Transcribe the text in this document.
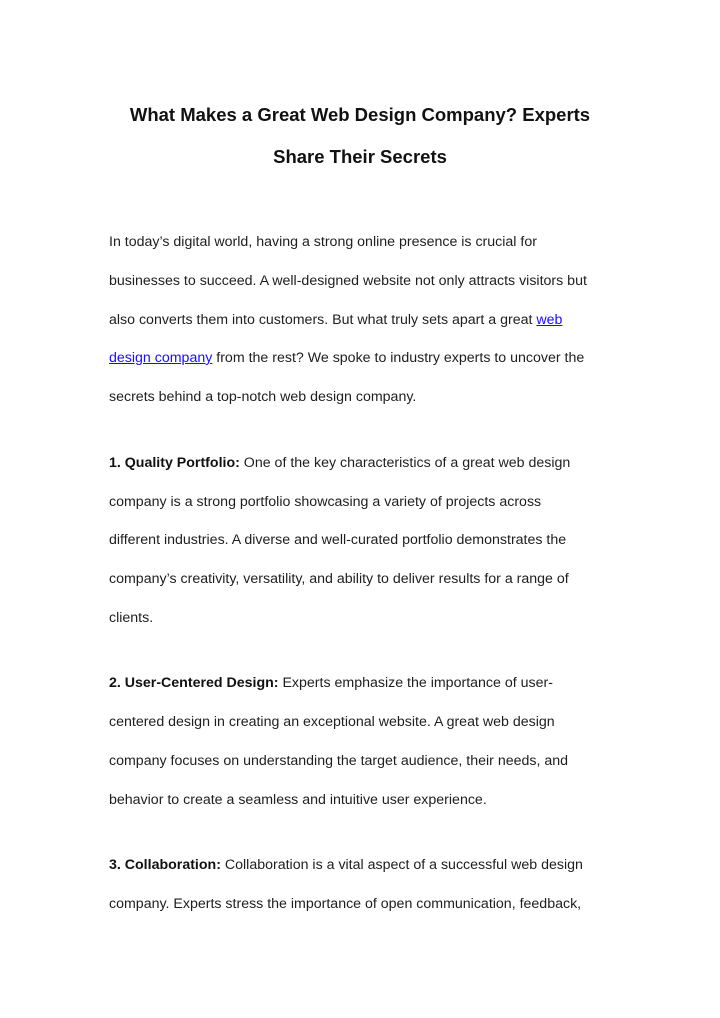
What Makes a Great Web Design Company? Experts
Share Their Secrets
In today’s digital world, having a strong online presence is crucial for
businesses to succeed. A well-designed website not only attracts visitors but
also converts them into customers. But what truly sets apart a great web
design company from the rest? We spoke to industry experts to uncover the
secrets behind a top-notch web design company.
1. Quality Portfolio: One of the key characteristics of a great web design
company is a strong portfolio showcasing a variety of projects across
different industries. A diverse and well-curated portfolio demonstrates the
company’s creativity, versatility, and ability to deliver results for a range of
clients.
2. User-Centered Design: Experts emphasize the importance of user-
centered design in creating an exceptional website. A great web design
company focuses on understanding the target audience, their needs, and
behavior to create a seamless and intuitive user experience.
3. Collaboration: Collaboration is a vital aspect of a successful web design
company. Experts stress the importance of open communication, feedback,
